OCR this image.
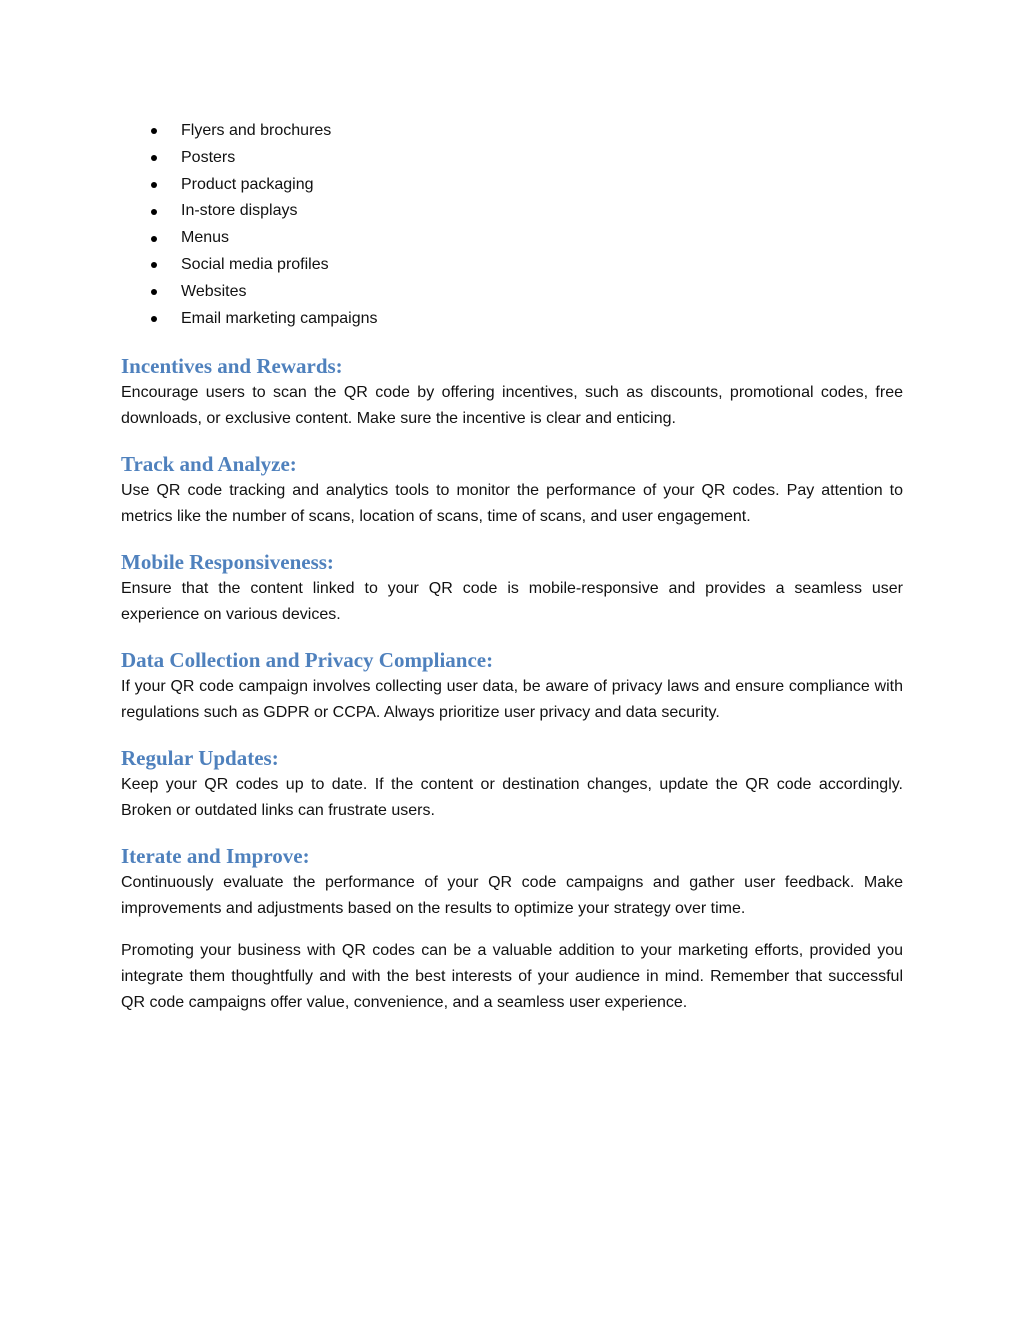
Flyers and brochures
Posters
Product packaging
In-store displays
Menus
Social media profiles
Websites
Email marketing campaigns
Incentives and Rewards:

Encourage users to scan the QR code by offering incentives, such as discounts, promotional codes, free downloads, or exclusive content. Make sure the incentive is clear and enticing.

Track and Analyze:

Use QR code tracking and analytics tools to monitor the performance of your QR codes. Pay attention to metrics like the number of scans, location of scans, time of scans, and user engagement.

Mobile Responsiveness:

Ensure that the content linked to your QR code is mobile-responsive and provides a seamless user experience on various devices.

Data Collection and Privacy Compliance:

If your QR code campaign involves collecting user data, be aware of privacy laws and ensure compliance with regulations such as GDPR or CCPA. Always prioritize user privacy and data security.

Regular Updates:

Keep your QR codes up to date. If the content or destination changes, update the QR code accordingly. Broken or outdated links can frustrate users.

Iterate and Improve:

Continuously evaluate the performance of your QR code campaigns and gather user feedback. Make improvements and adjustments based on the results to optimize your strategy over time.

Promoting your business with QR codes can be a valuable addition to your marketing efforts, provided you integrate them thoughtfully and with the best interests of your audience in mind. Remember that successful QR code campaigns offer value, convenience, and a seamless user experience.
